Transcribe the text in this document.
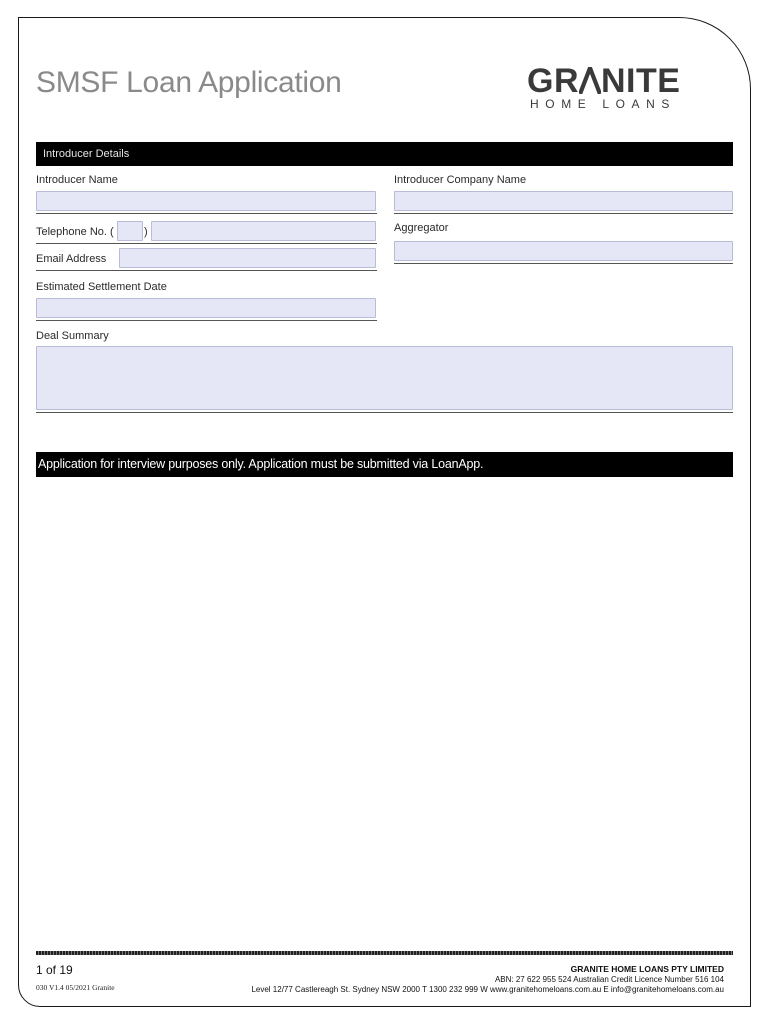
SMSF Loan Application	GR NITE
HOME LOANS
Introducer Details
Introducer Name	Introducer Company Name
Telephone No. (	)	Aggregator
Email Address
Estimated Settlement Date
Deal Summary
Application for interview purposes only. Application must be submitted via LoanApp.
1 of 19
030 V1.4 05/2021 Granite
GRANITE HOME LOANS PTY LIMITED
ABN: 27 622 955 524 Australian Credit Licence Number 516 104
Level 12/77 Castlereagh St. Sydney NSW 2000 T 1300 232 999 W www.granitehomeloans.com.au E info@granitehomeloans.com.au
